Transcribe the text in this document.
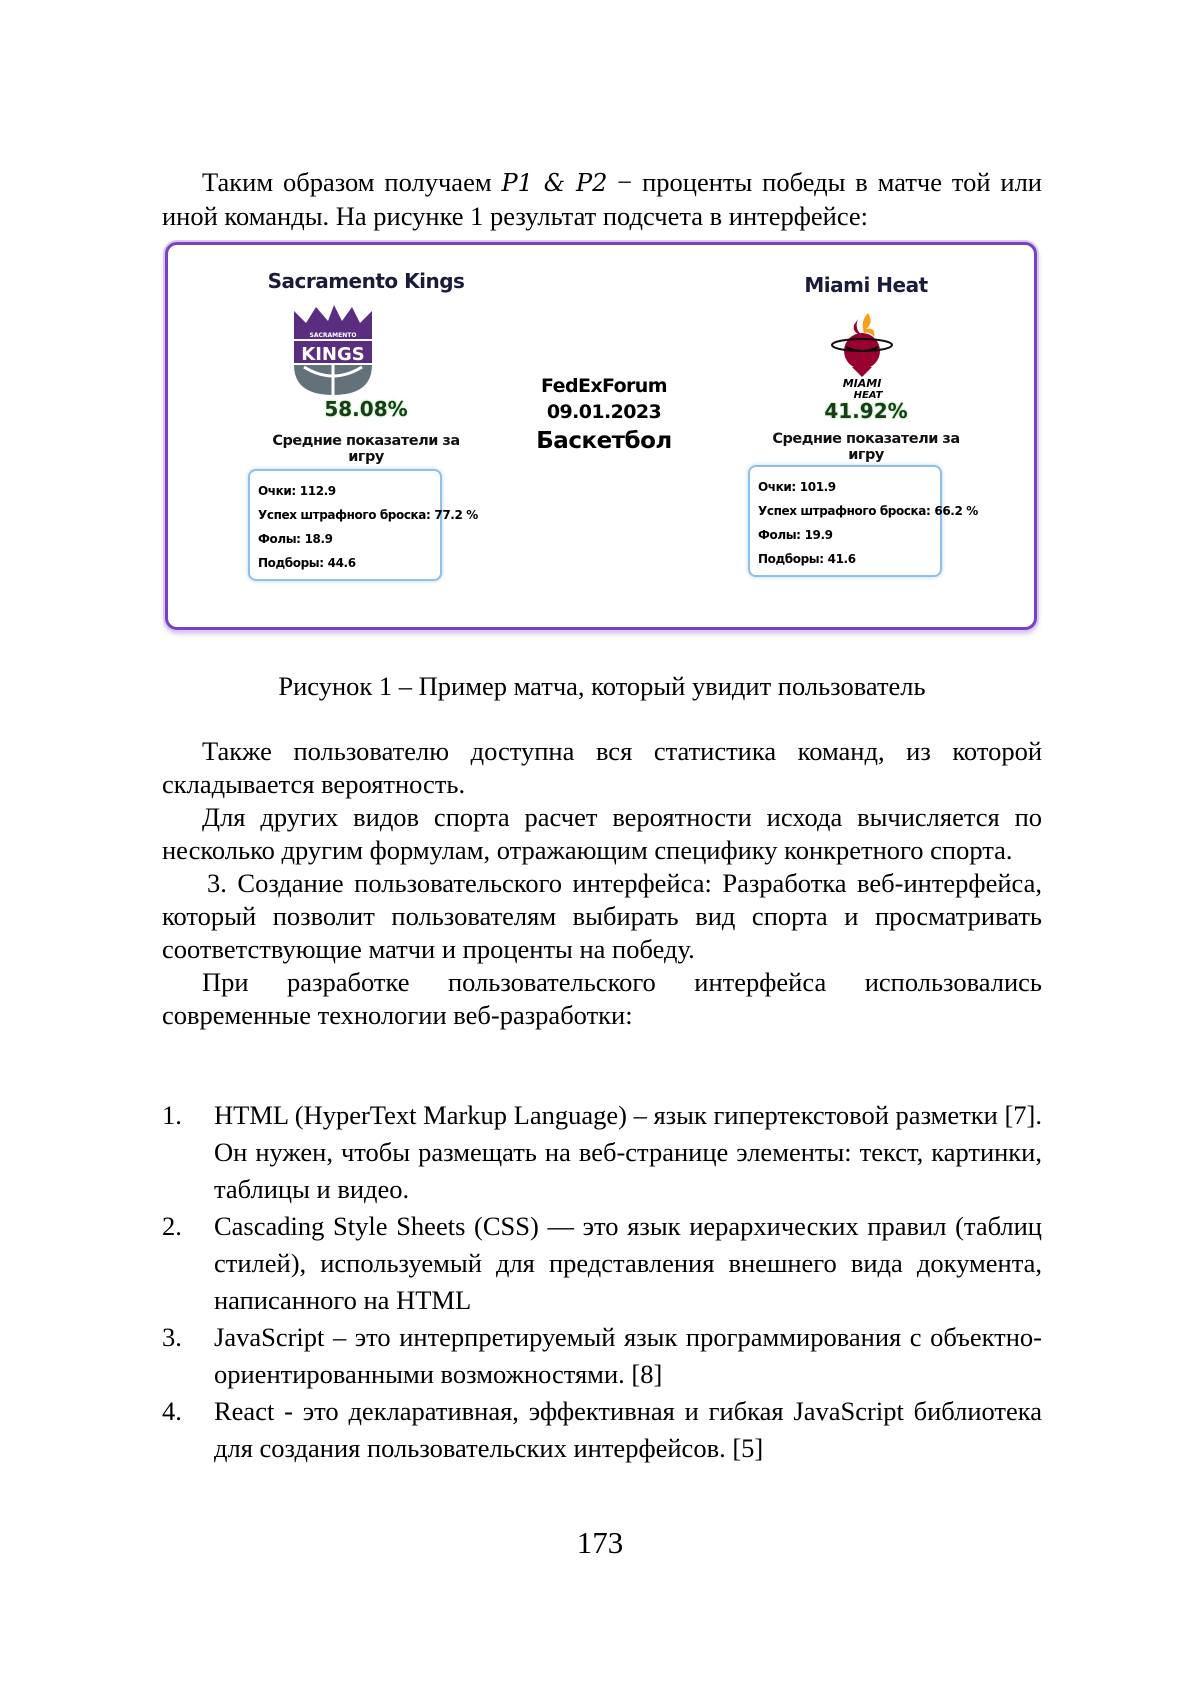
Таким образом получаем P1 & P2 − проценты победы в матче той или иной команды. На рисунке 1 результат подсчета в интерфейсе:
Sacramento Kings
SACRAMENTO
KINGS
58.08%
Средние показатели за игру
Очки: 112.9
Успех штрафного броска: 77.2 %
Фолы: 18.9
Подборы: 44.6
FedExForum
09.01.2023
Баскетбол
Miami Heat
MIAMI
HEAT
41.92%
Средние показатели за игру
Очки: 101.9
Успех штрафного броска: 66.2 %
Фолы: 19.9
Подборы: 41.6
Рисунок 1 – Пример матча, который увидит пользователь

Также пользователю доступна вся статистика команд, из которой складывается вероятность.

Для других видов спорта расчет вероятности исхода вычисляется по несколько другим формулам, отражающим специфику конкретного спорта.

3. Создание пользовательского интерфейса: Разработка веб-интерфейса, который позволит пользователям выбирать вид спорта и просматривать соответствующие матчи и проценты на победу.

При разработке пользовательского интерфейса использовались современные технологии веб-разработки:

1. HTML (HyperText Markup Language) – язык гипертекстовой разметки [7]. Он нужен, чтобы размещать на веб-странице элементы: текст, картинки, таблицы и видео.
2. Cascading Style Sheets (CSS) — это язык иерархических правил (таблиц стилей), используемый для представления внешнего вида документа, написанного на HTML
3. JavaScript – это интерпретируемый язык программирования с объектно-ориентированными возможностями. [8]
4. React - это декларативная, эффективная и гибкая JavaScript библиотека для создания пользовательских интерфейсов. [5]
173
